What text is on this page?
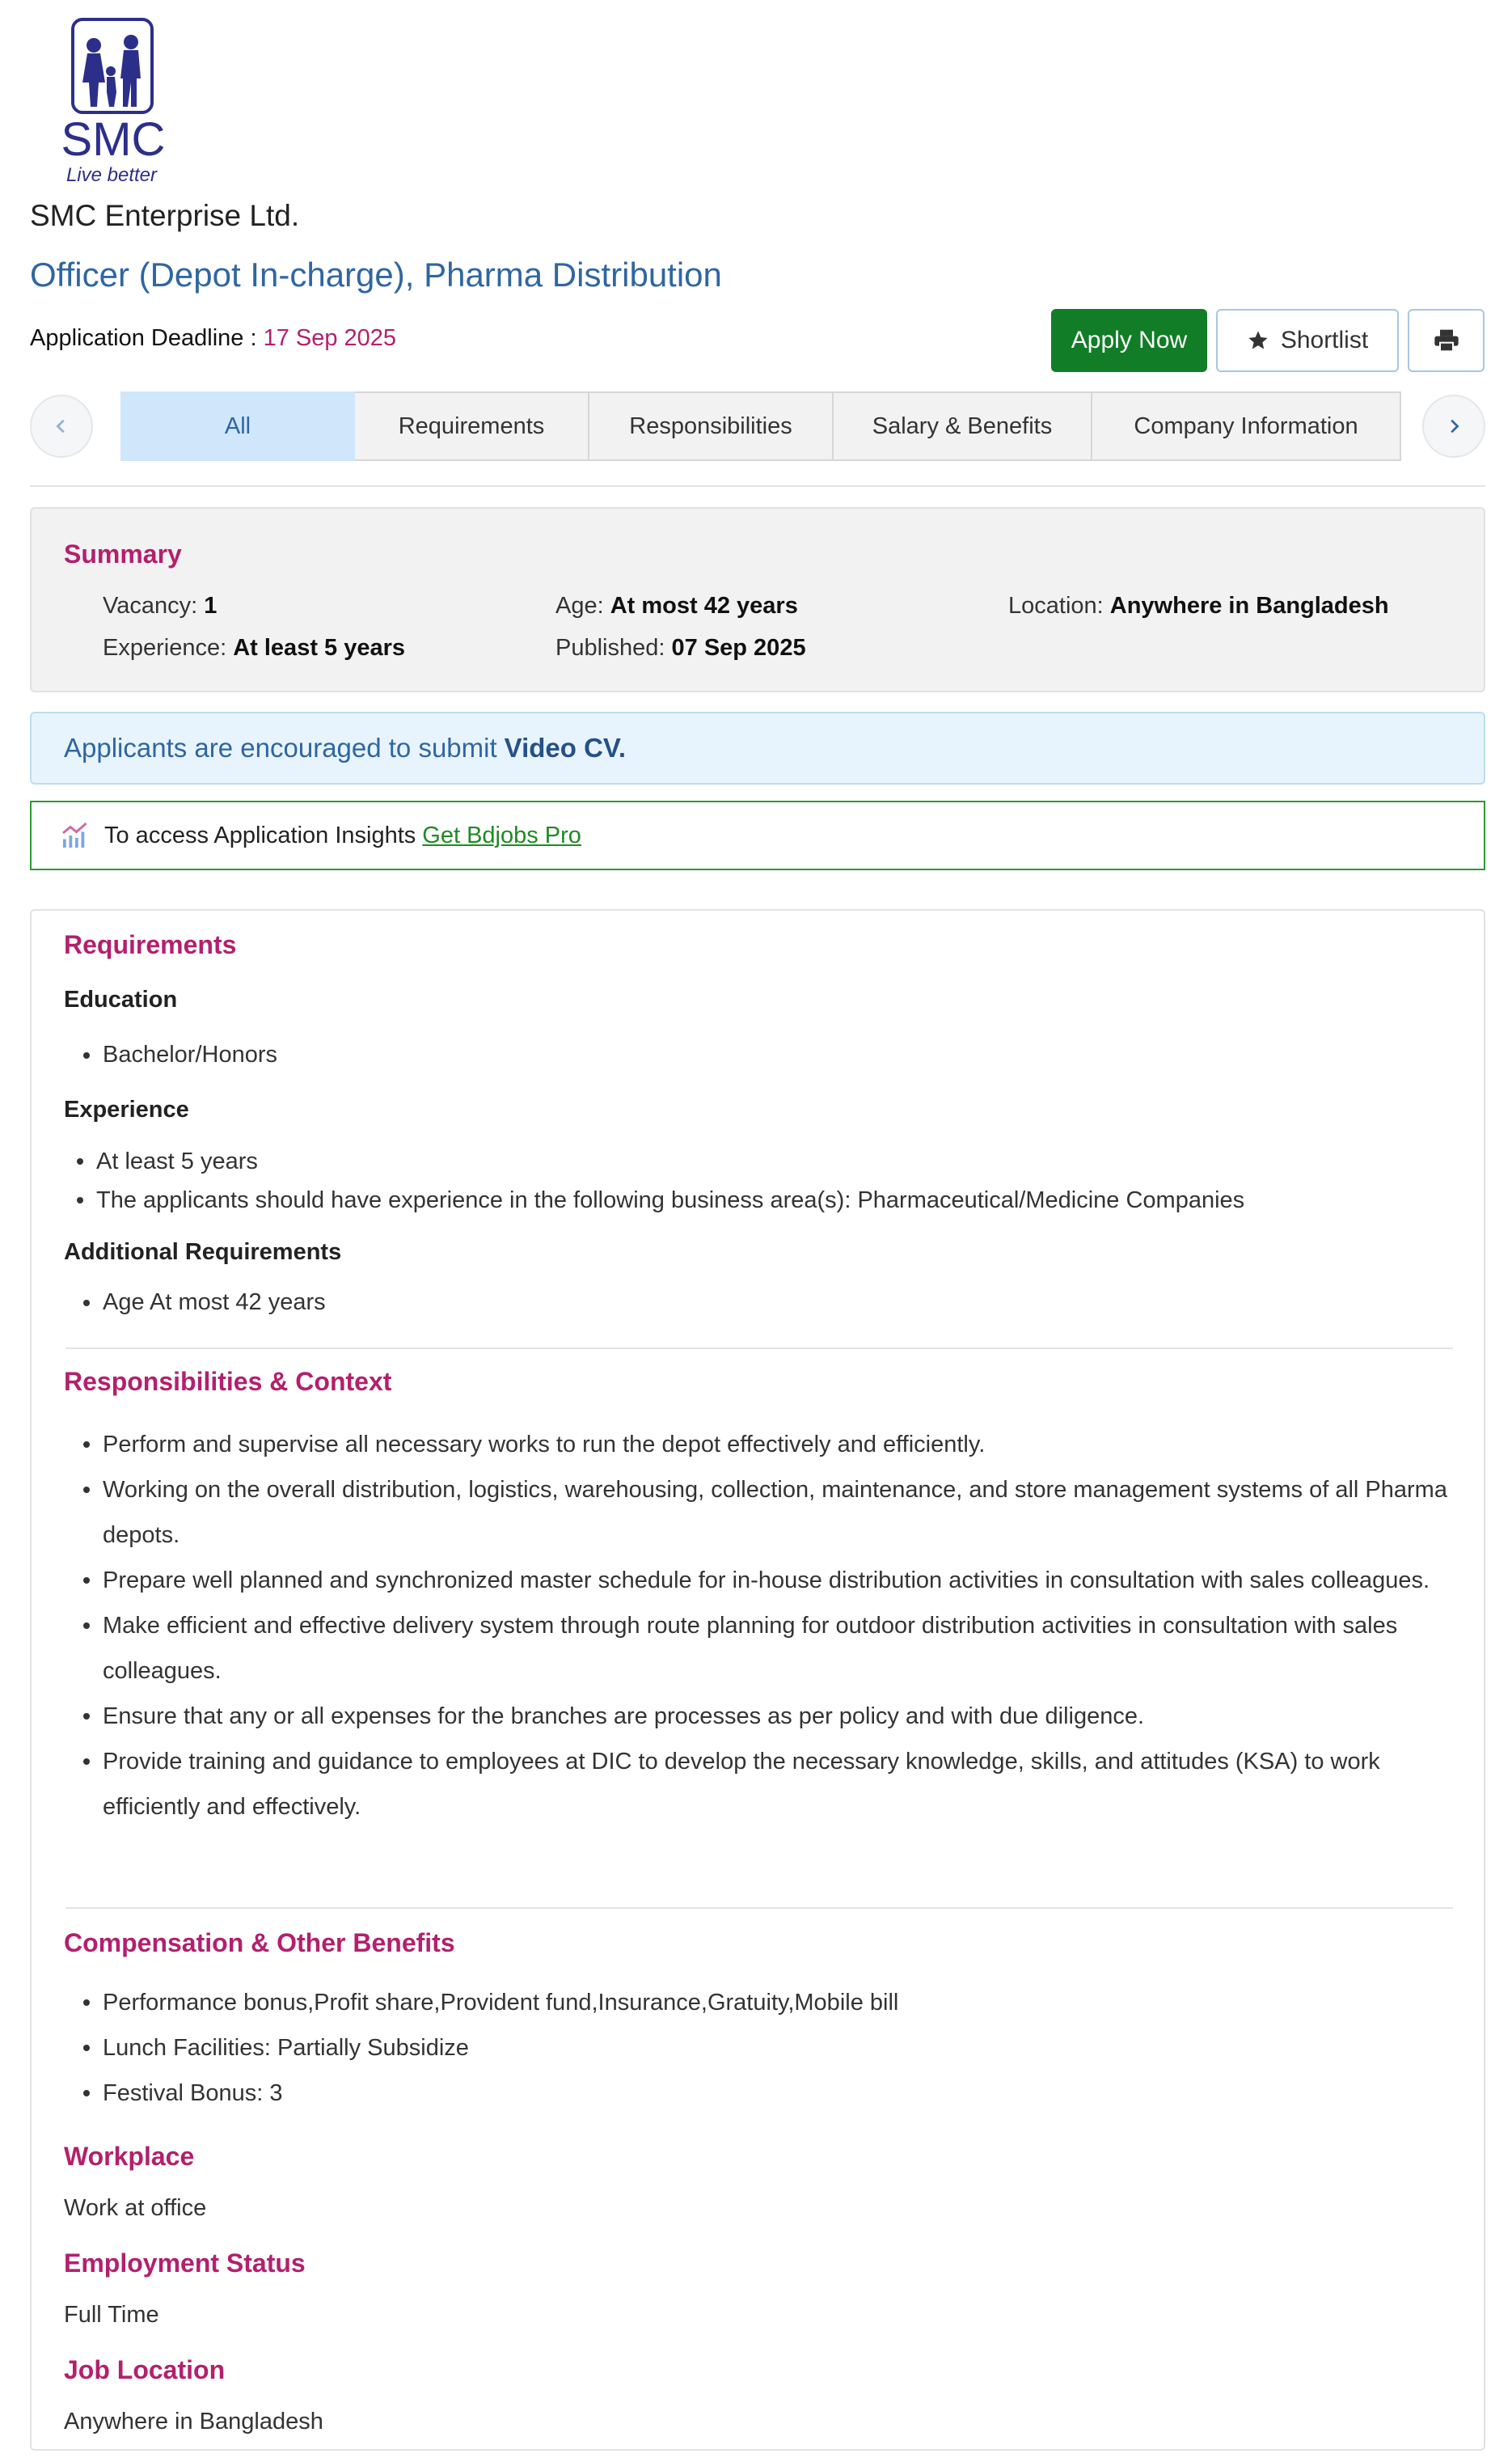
SMC
Live better
SMC Enterprise Ltd.
Officer (Depot In-charge), Pharma Distribution
Application Deadline : 17 Sep 2025	Apply Now	Shortlist
All	Requirements	Responsibilities	Salary & Benefits	Company Information
Summary
Vacancy: 1	Age: At most 42 years	Location: Anywhere in Bangladesh
Experience: At least 5 years	Published: 07 Sep 2025
Applicants are encouraged to submit Video CV.
To access Application Insights Get Bdjobs Pro
Requirements
Education
Bachelor/Honors
Experience
At least 5 years
The applicants should have experience in the following business area(s): Pharmaceutical/Medicine Companies
Additional Requirements
Age At most 42 years
Responsibilities & Context
Perform and supervise all necessary works to run the depot effectively and efficiently.
Working on the overall distribution, logistics, warehousing, collection, maintenance, and store management systems of all Pharma depots.
Prepare well planned and synchronized master schedule for in-house distribution activities in consultation with sales colleagues.
Make efficient and effective delivery system through route planning for outdoor distribution activities in consultation with sales colleagues.
Ensure that any or all expenses for the branches are processes as per policy and with due diligence.
Provide training and guidance to employees at DIC to develop the necessary knowledge, skills, and attitudes (KSA) to work efficiently and effectively.
Compensation & Other Benefits
Performance bonus,Profit share,Provident fund,Insurance,Gratuity,Mobile bill
Lunch Facilities: Partially Subsidize
Festival Bonus: 3
Workplace
Work at office
Employment Status
Full Time
Job Location
Anywhere in Bangladesh
